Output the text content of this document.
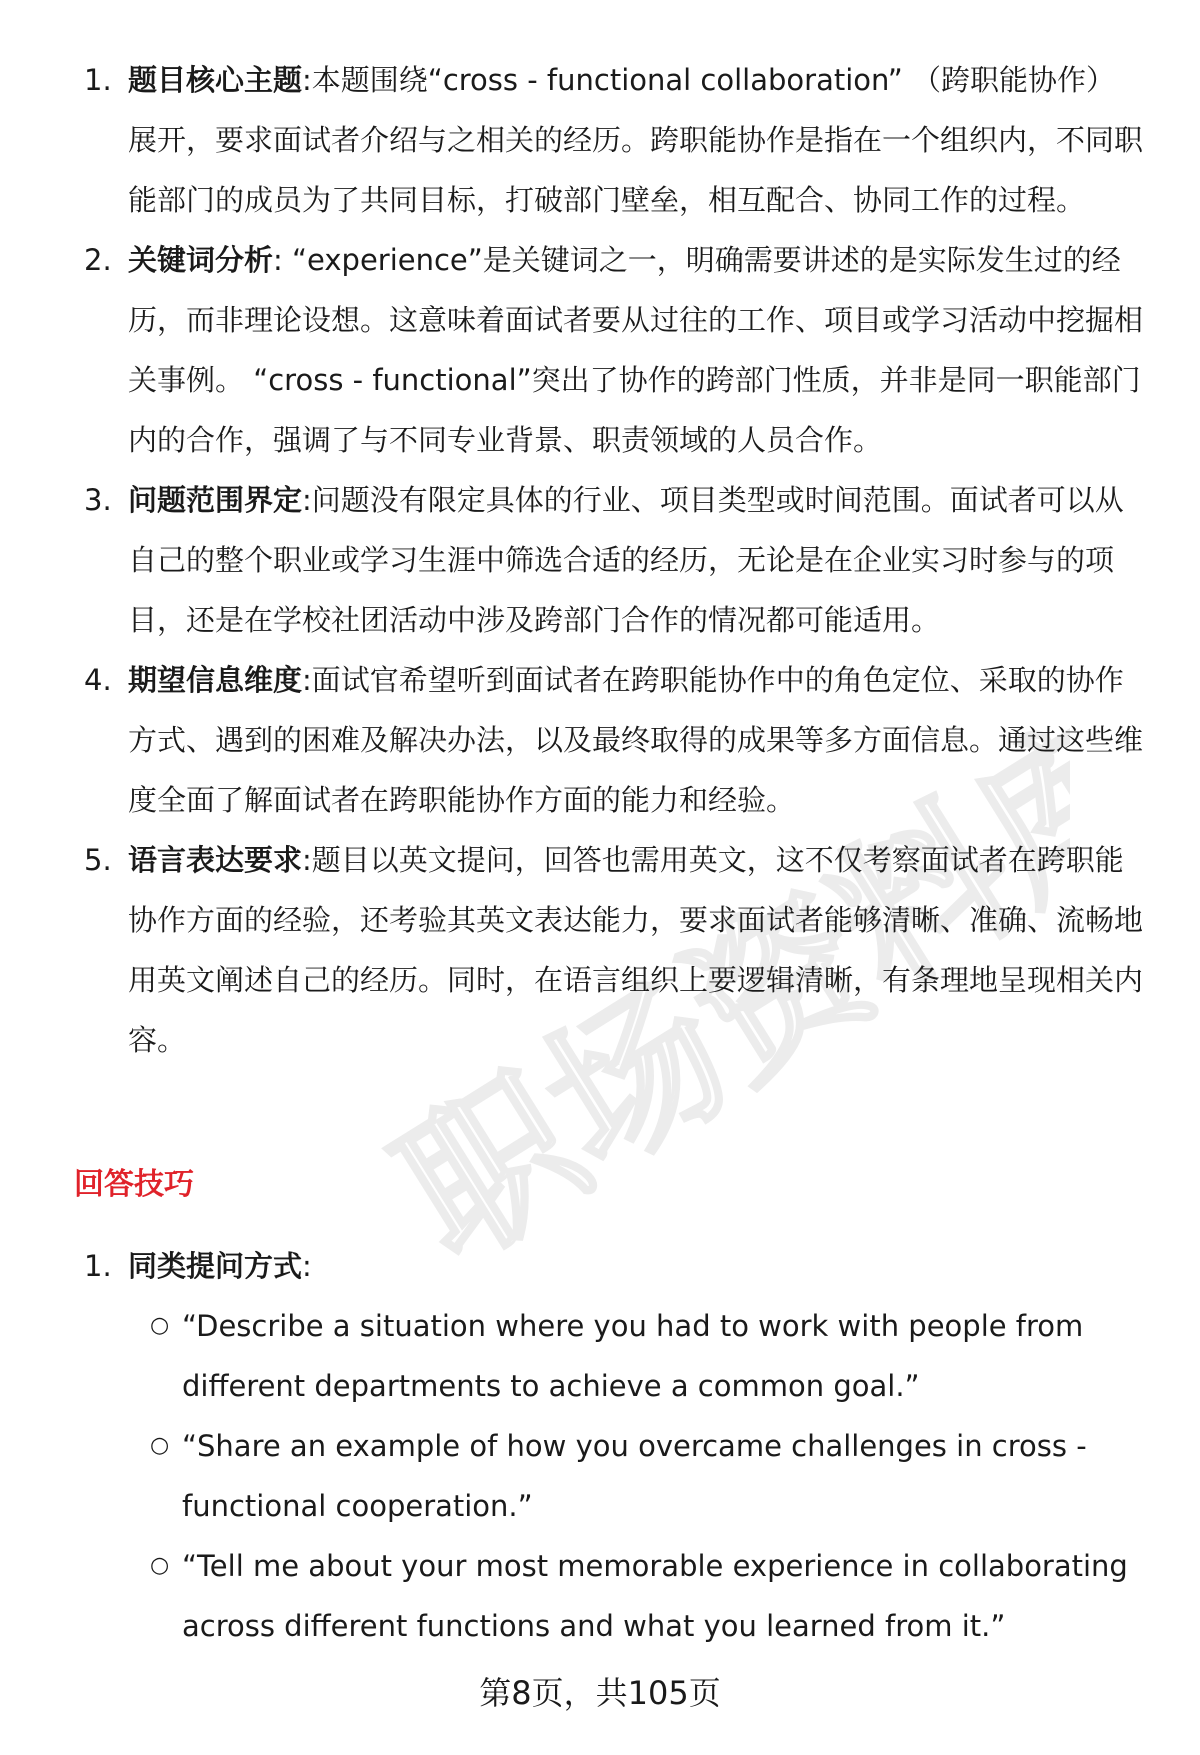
职场资料库
1. 题目核心主题:本题围绕“cross - functional collaboration” （跨职能协作）展开，要求面试者介绍与之相关的经历。跨职能协作是指在一个组织内，不同职能部门的成员为了共同目标，打破部门壁垒，相互配合、协同工作的过程。
2. 关键词分析: “experience”是关键词之一，明确需要讲述的是实际发生过的经历，而非理论设想。这意味着面试者要从过往的工作、项目或学习活动中挖掘相关事例。 “cross - functional”突出了协作的跨部门性质，并非是同一职能部门内的合作，强调了与不同专业背景、职责领域的人员合作。
3. 问题范围界定:问题没有限定具体的行业、项目类型或时间范围。面试者可以从自己的整个职业或学习生涯中筛选合适的经历，无论是在企业实习时参与的项目，还是在学校社团活动中涉及跨部门合作的情况都可能适用。
4. 期望信息维度:面试官希望听到面试者在跨职能协作中的角色定位、采取的协作方式、遇到的困难及解决办法，以及最终取得的成果等多方面信息。通过这些维度全面了解面试者在跨职能协作方面的能力和经验。
5. 语言表达要求:题目以英文提问，回答也需用英文，这不仅考察面试者在跨职能协作方面的经验，还考验其英文表达能力，要求面试者能够清晰、准确、流畅地用英文阐述自己的经历。同时，在语言组织上要逻辑清晰，有条理地呈现相关内容。
回答技巧
1. 同类提问方式:
○ “Describe a situation where you had to work with people from different departments to achieve a common goal.”
○ “Share an example of how you overcame challenges in cross - functional cooperation.”
○ “Tell me about your most memorable experience in collaborating across different functions and what you learned from it.”
第8页，共105页
